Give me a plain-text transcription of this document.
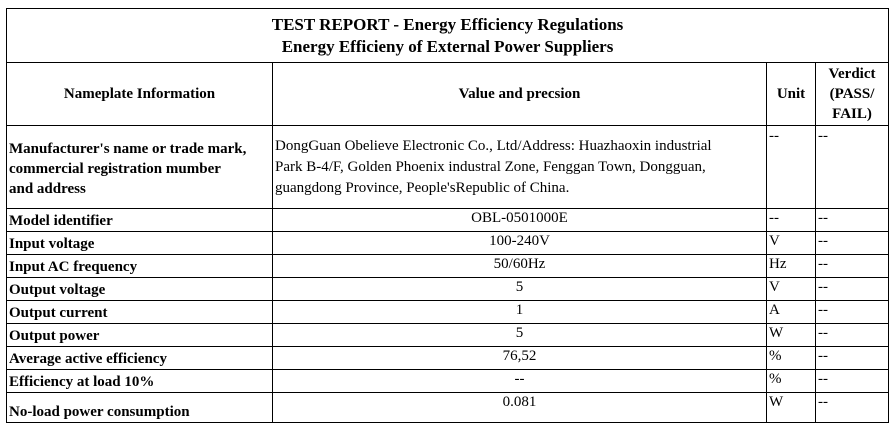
TEST REPORT - Energy Efficiency Regulations
Energy Efficieny of External Power Suppliers			

Nameplate Information	Value and precsion	Unit	Verdict
(PASS/
FAIL)

Manufacturer's name or trade mark,
commercial registration mumber
and address	DongGuan Obelieve Electronic Co., Ltd/Address: Huazhaoxin industrial
Park B-4/F, Golden Phoenix industral Zone, Fenggan Town, Dongguan,
guangdong Province, People'sRepublic of China.	--	--
Model identifier	OBL-0501000E	--	--
Input voltage	100-240V	V	--
Input AC frequency	50/60Hz	Hz	--
Output voltage	5	V	--
Output current	1	A	--
Output power	5	W	--
Average active efficiency	76,52	%	--
Efficiency at load 10%	--	%	--
No-load power consumption	0.081	W	--
